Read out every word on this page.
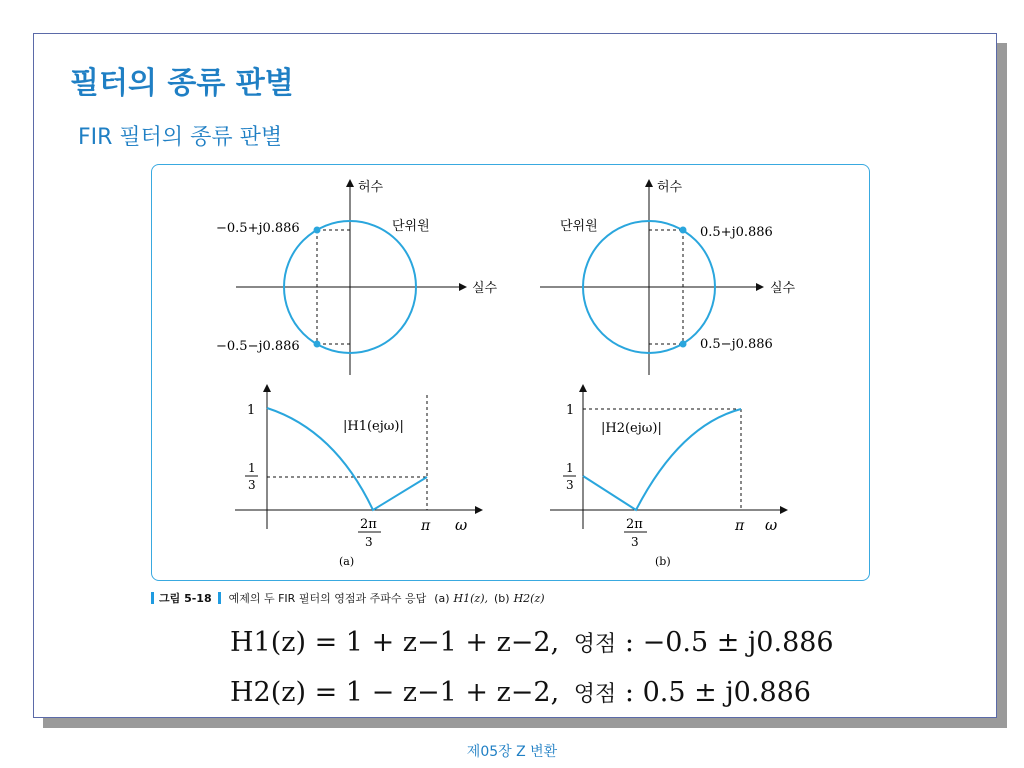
필터의 종류 판별
FIR 필터의 종류 판별
허수
실수
단위원
−0.5+j0.886
−0.5−j0.886
허수
실수
단위원	0.5+j0.886
0.5−j0.886
1
1
3
|H1(ejω)|
2π
3
π ω
(a)
1
1
3
|H2(ejω)|
2π
3
π ω
(b)
그림 5-18 예제의 두 FIR 필터의 영점과 주파수 응답 (a) H1(z), (b) H2(z)
H1(z) = 1 + z−1 + z−2, 영점 : −0.5 ± j0.886
H2(z) = 1 − z−1 + z−2, 영점 : 0.5 ± j0.886
제05장 Z 변환
